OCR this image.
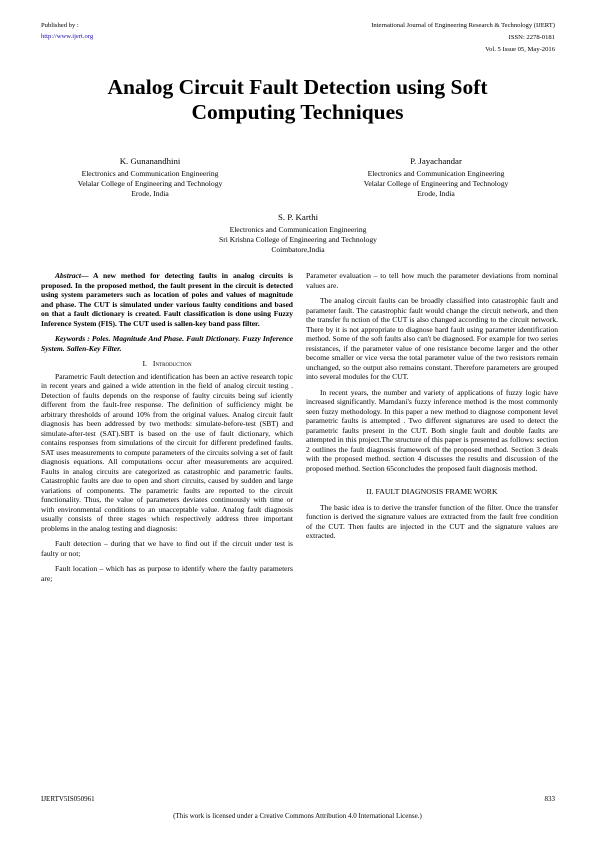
Published by :
http://www.ijert.org
International Journal of Engineering Research & Technology (IJERT)
ISSN: 2278-0181
Vol. 5 Issue 05, May-2016
Analog Circuit Fault Detection using Soft
Computing Techniques
K. Gunanandhini
Electronics and Communication Engineering
Velalar College of Engineering and Technology
Erode, India
P. Jayachandar
Electronics and Communication Engineering
Velalar College of Engineering and Technology
Erode, India
S. P. Karthi
Electronics and Communication Engineering
Sri Krishna College of Engineering and Technology
Coimbatore,India

Abstract— A new method for detecting faults in analog circuits is proposed. In the proposed method, the fault present in the circuit is detected using system parameters such as location of poles and values of magnitude and phase. The CUT is simulated under various faulty conditions and based on that a fault dictionary is created. Fault classification is done using Fuzzy Inference System (FIS). The CUT used is sallen-key band pass filter.

Keywords : Poles. Magnitude And Phase. Fault Dictionary. Fuzzy Inference System. Sallen-Key Filter.

I. Introduction

Parametric Fault detection and identification has been an active research topic in recent years and gained a wide attention in the field of analog circuit testing . Detection of faults depends on the response of faulty circuits being suf iciently different from the fault-free response. The definition of sufficiency might be arbitrary thresholds of around 10% from the original values. Analog circuit fault diagnosis has been addressed by two methods: simulate-before-test (SBT) and simulate-after-test (SAT).SBT is based on the use of fault dictionary, which contains responses from simulations of the circuit for different predefined faults. SAT uses measurements to compute parameters of the circuits solving a set of fault diagnosis equations. All computations occur after measurements are acquired. Faults in analog circuits are categorized as catastrophic and parametric faults. Catastrophic faults are due to open and short circuits, caused by sudden and large variations of components. The parametric faults are reported to the circuit functionality. Thus, the value of parameters deviates continuously with time or with environmental conditions to an unacceptable value. Analog fault diagnosis usually consists of three stages which respectively address three important problems in the analog testing and diagnosis:

Fault detection – during that we have to find out if the circuit under test is faulty or not;

Fault location – which has as purpose to identify where the faulty parameters are;

Parameter evaluation – to tell how much the parameter deviations from nominal values are.

The analog circuit faults can be broadly classified into catastrophic fault and parameter fault. The catastrophic fault would change the circuit network, and then the transfer fu nction of the CUT is also changed according to the circuit network. There by it is not appropriate to diagnose hard fault using parameter identification method. Some of the soft faults also can't be diagnosed. For example for two series resistances, if the parameter value of one resistance become larger and the other become smaller or vice versa the total parameter value of the two resistors remain unchanged, so the output also remains constant. Therefore parameters are grouped into several modules for the CUT.

In recent years, the number and variety of applications of fuzzy logic have increased significantly. Mamdani's fuzzy inference method is the most commonly seen fuzzy methodology. In this paper a new method to diagnose component level parametric faults is attempted . Two different signatures are used to detect the parametric faults present in the CUT. Both single fault and double faults are attempted in this project.The structure of this paper is presented as follows: section 2 outlines the fault diagnosis framework of the proposed method. Section 3 deals with the proposed method. section 4 discusses the results and discussion of the proposed method. Section 65concludes the proposed fault diagnosis method.

II. FAULT DIAGNOSIS FRAME WORK

The basic idea is to derive the transfer function of the filter. Once the transfer function is derived the signature values are extracted from the fault free condition of the CUT. Then faults are injected in the CUT and the signature values are extracted.

IJERTV5IS050961	833
(This work is licensed under a Creative Commons Attribution 4.0 International License.)
